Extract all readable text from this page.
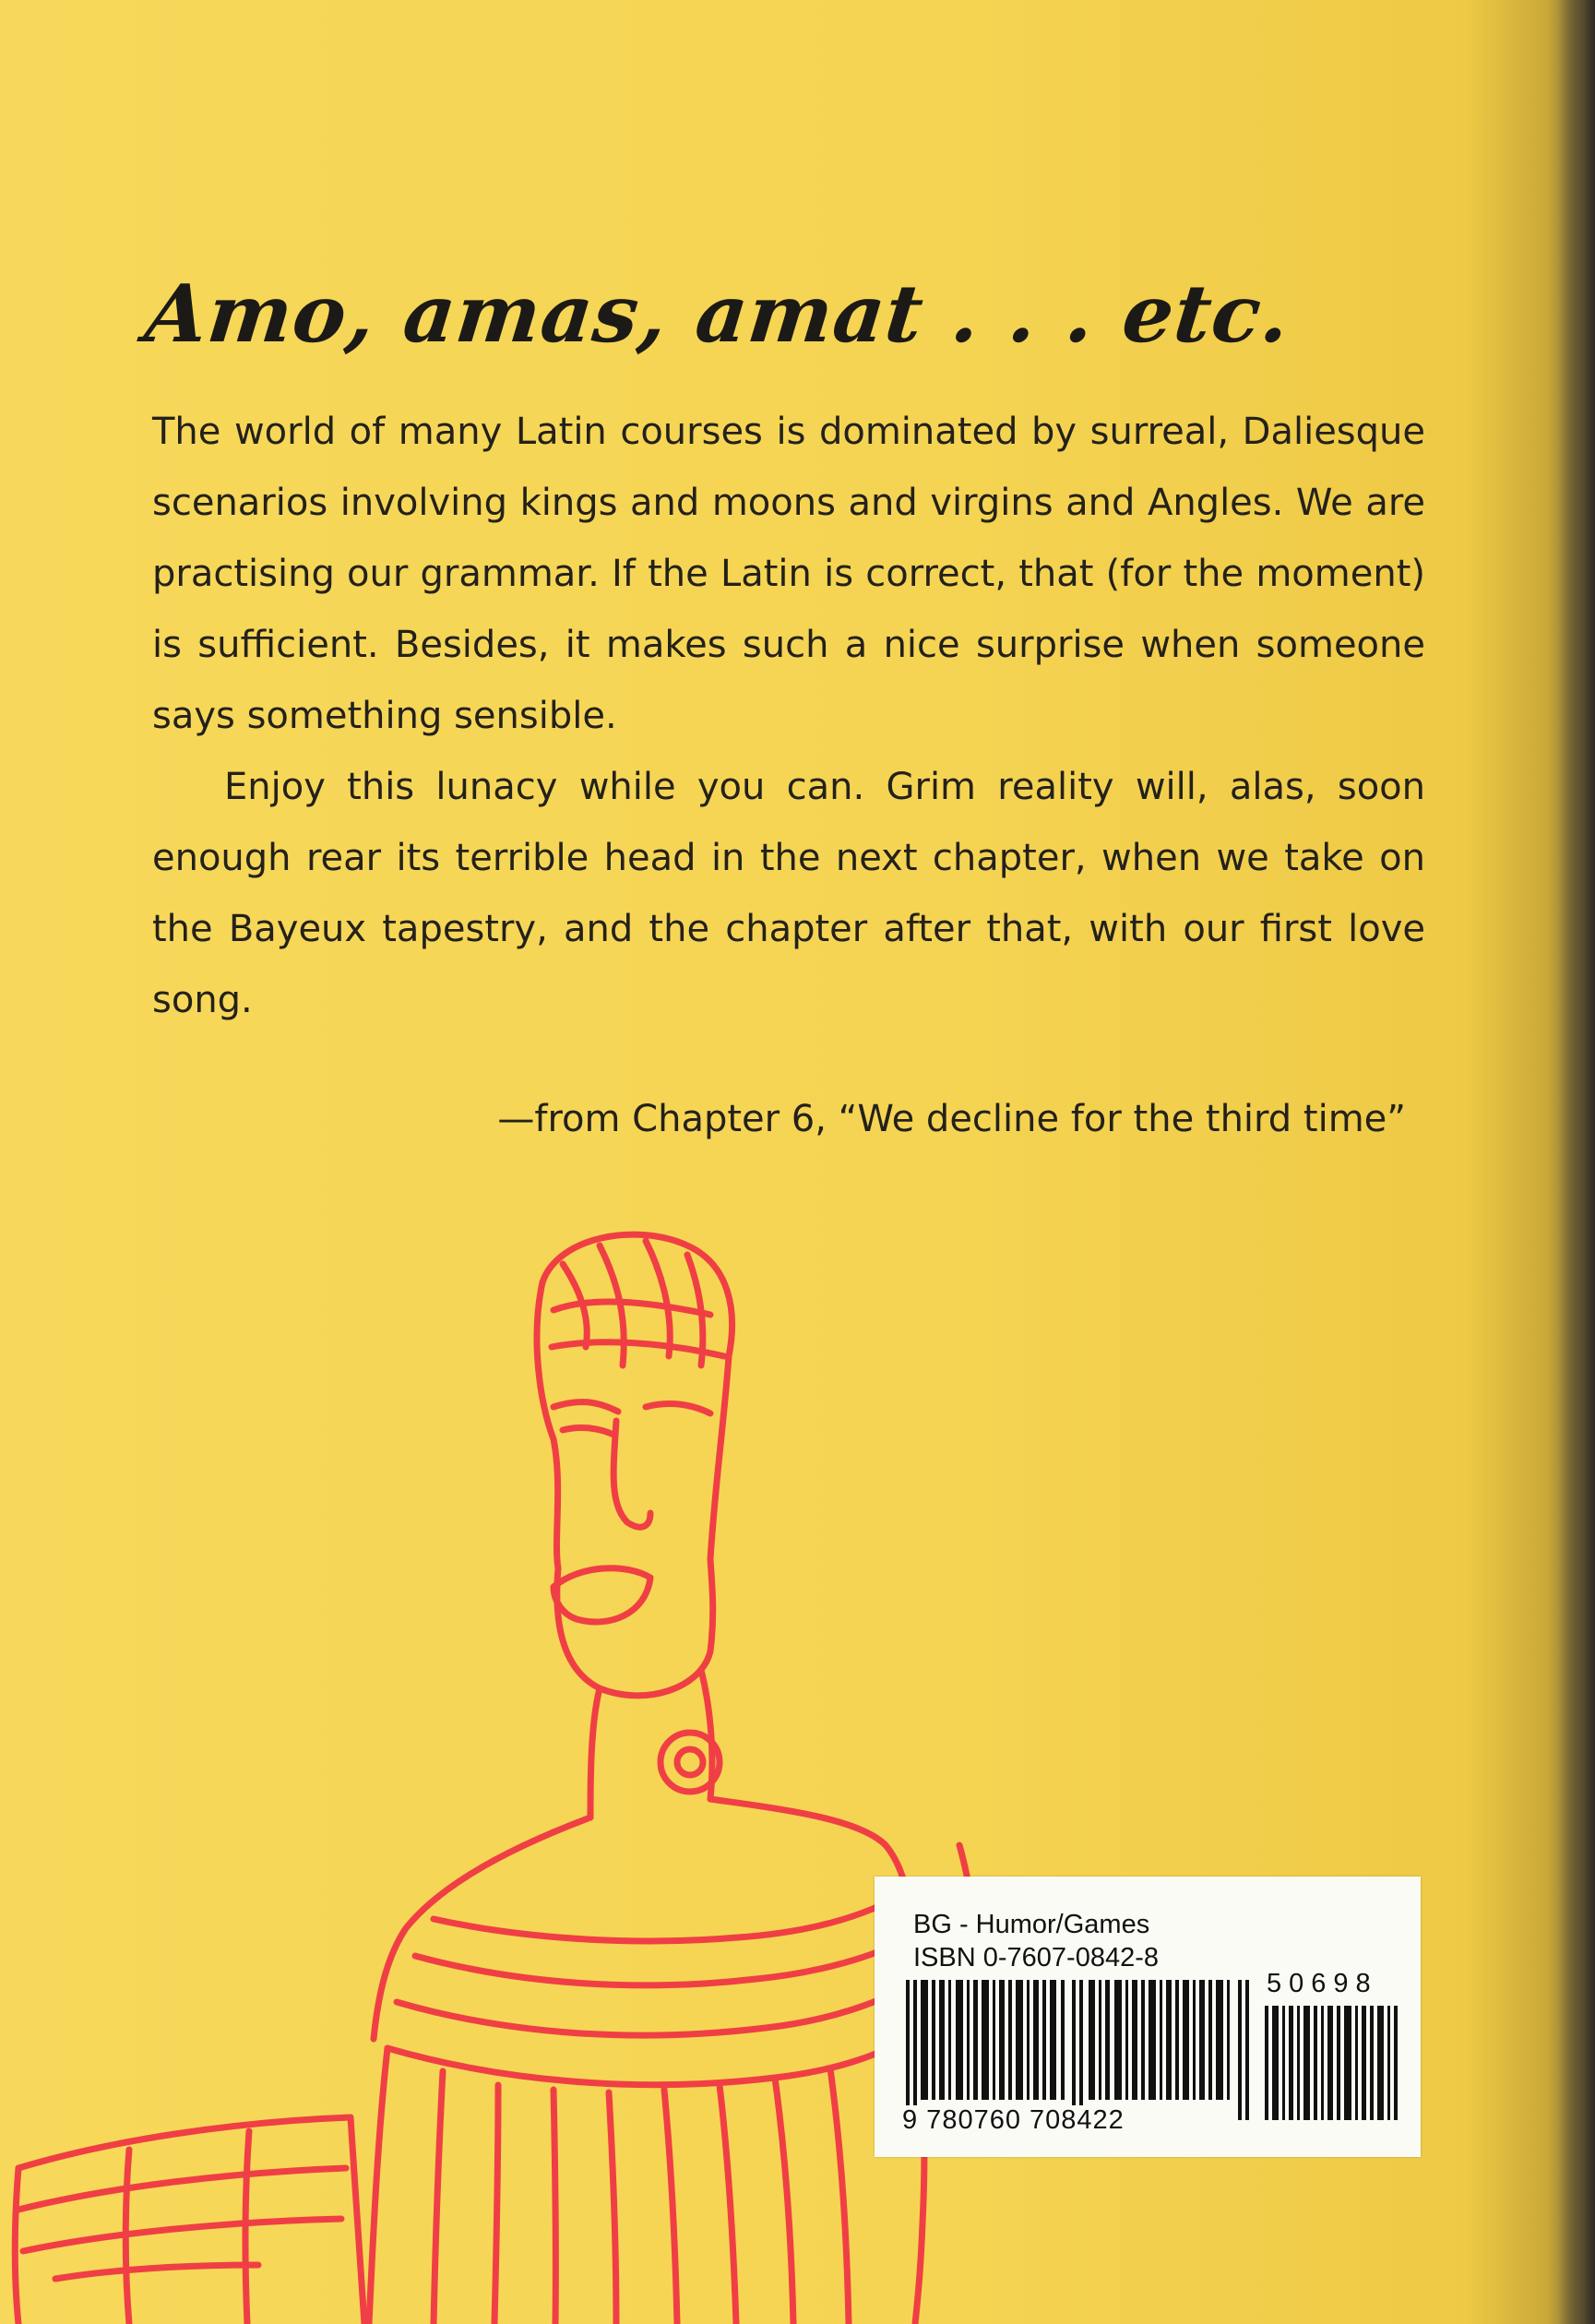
Amo, amas, amat . . . etc.

The world of many Latin courses is dominated by surreal, Daliesque scenarios involving kings and moons and virgins and Angles. We are practising our grammar. If the Latin is correct, that (for the moment) is sufficient. Besides, it makes such a nice surprise when someone says something sensible.

Enjoy this lunacy while you can. Grim reality will, alas, soon enough rear its terrible head in the next chapter, when we take on the Bayeux tapestry, and the chapter after that, with our first love song.

—from Chapter 6, “We decline for the third time”

BG - Humor/Games

ISBN 0-7607-0842-8

9 780760 708422

50698
